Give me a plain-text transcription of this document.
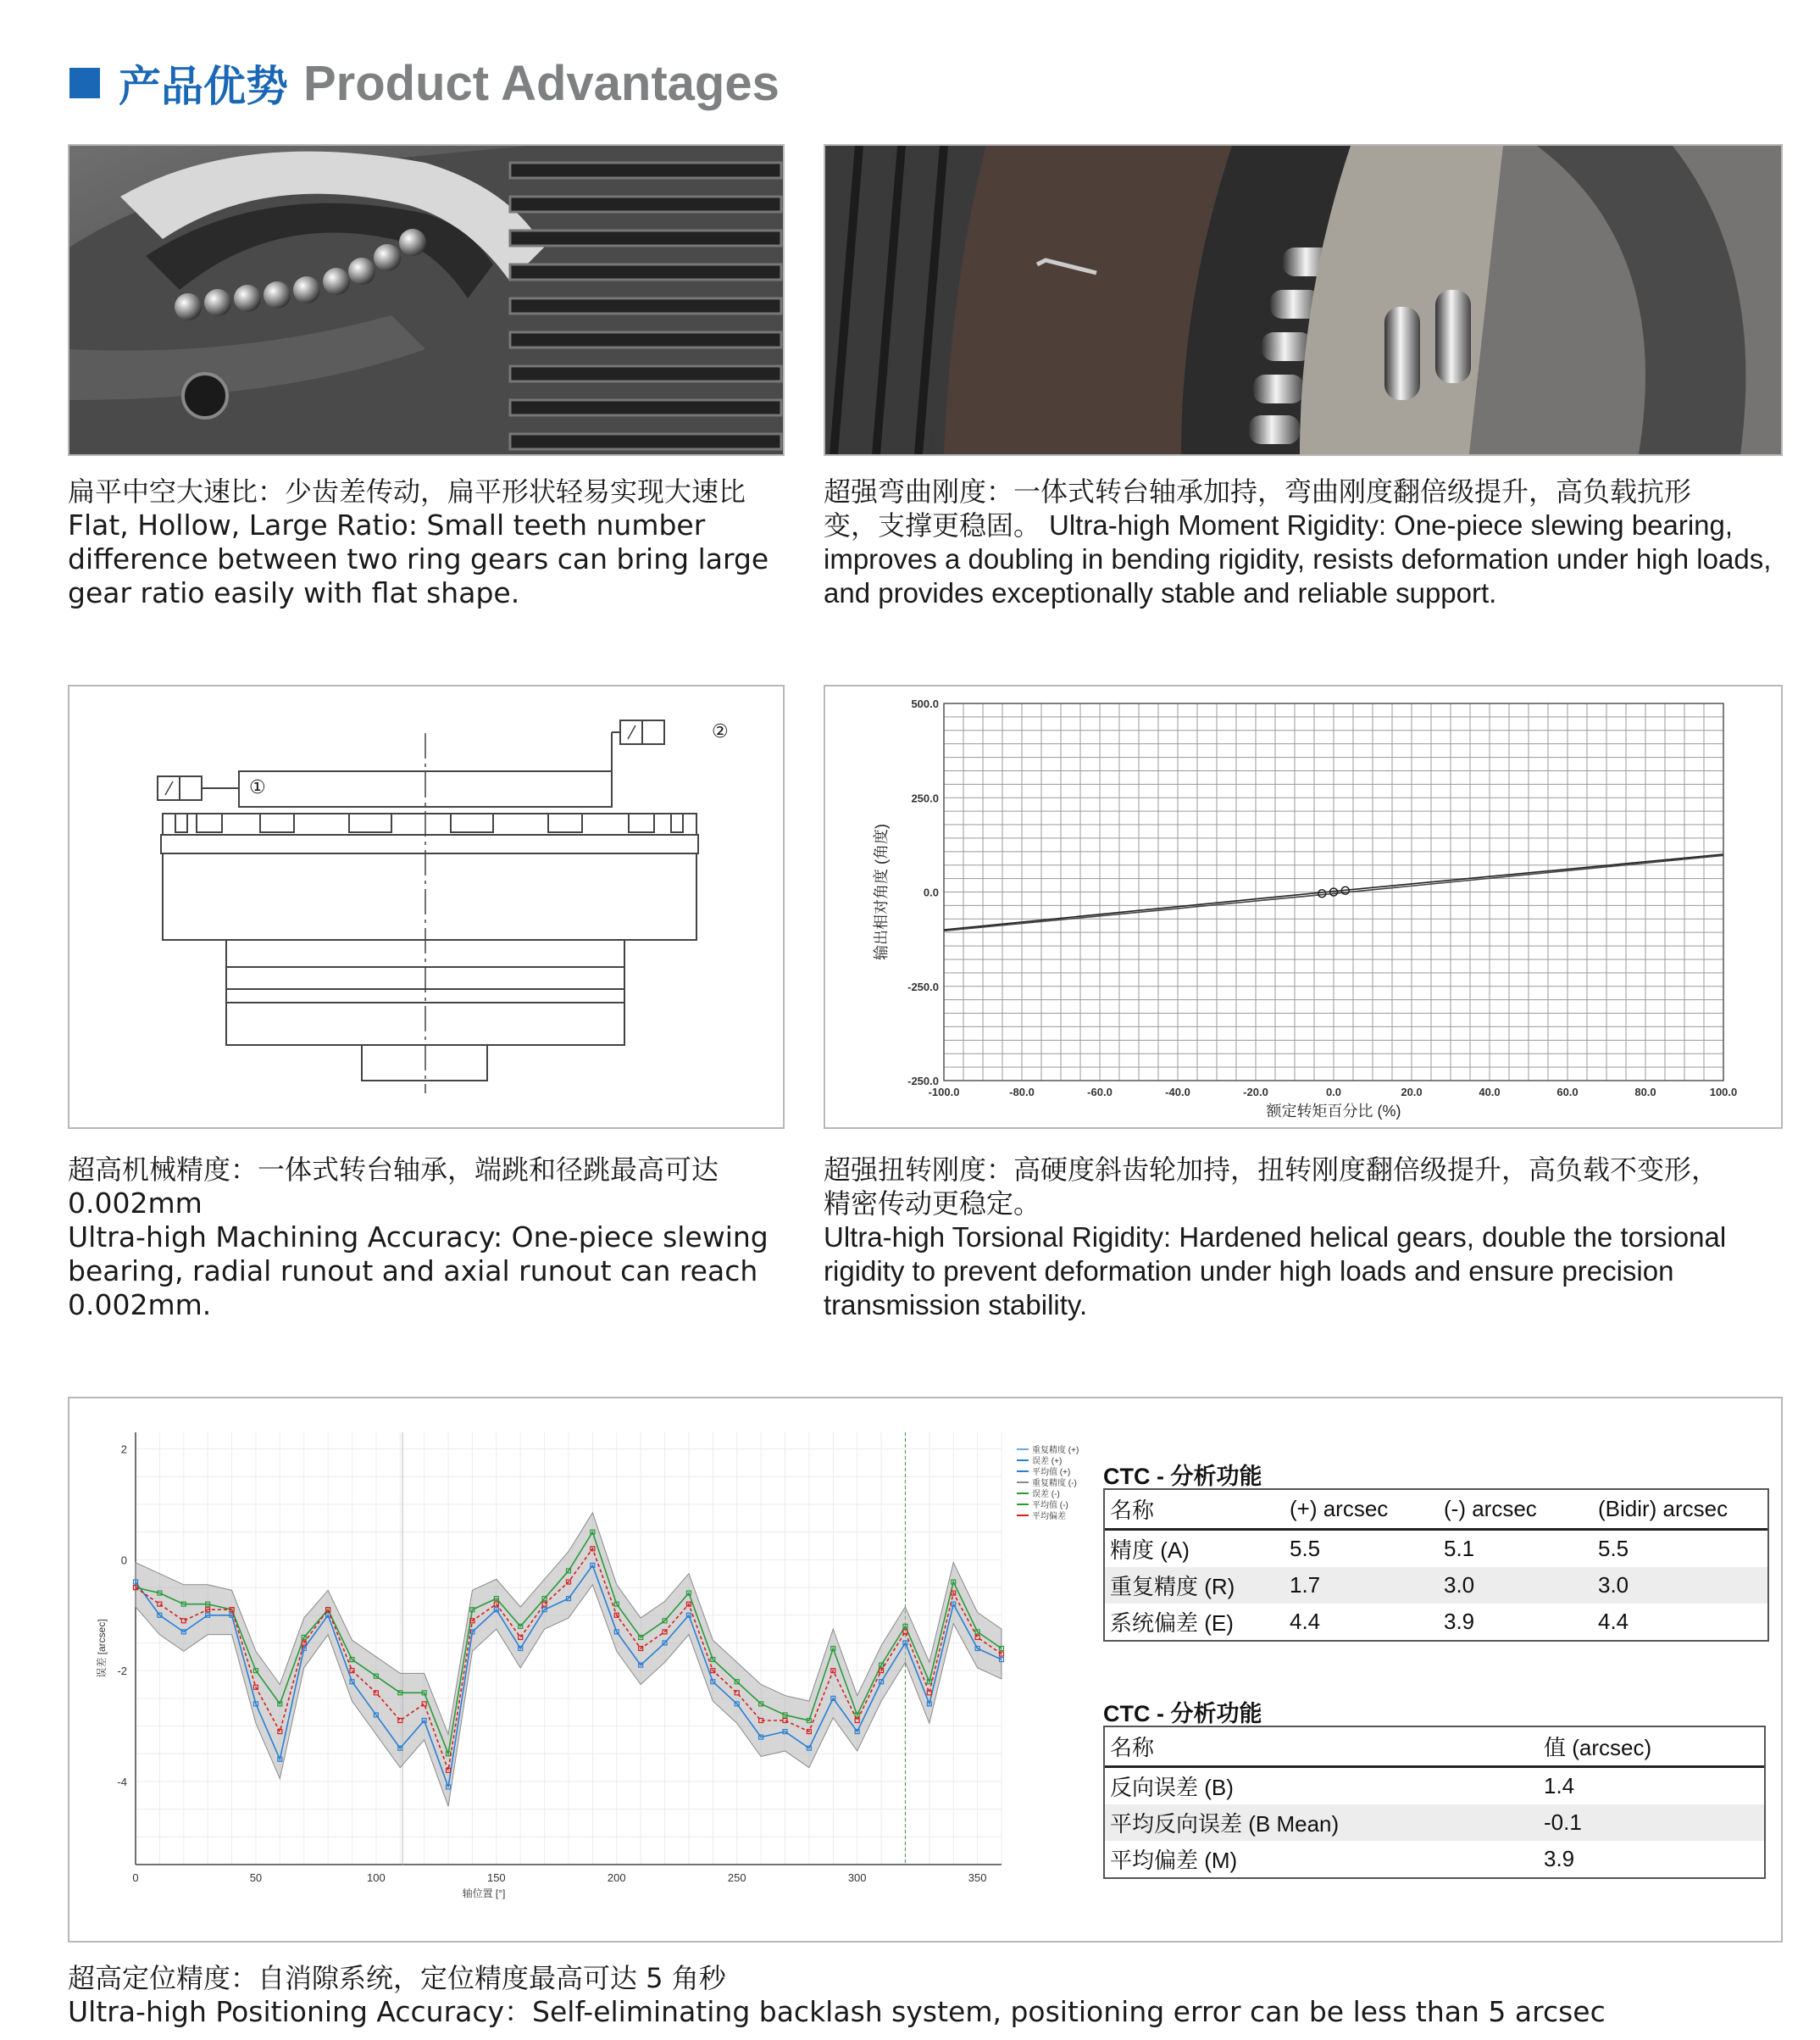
产品优势 Product Advantages
扁平中空大速比：少齿差传动，扁平形状轻易实现大速比
Flat, Hollow, Large Ratio: Small teeth number
difference between two ring gears can bring large
gear ratio easily with flat shape.
超强弯曲刚度：一体式转台轴承加持，弯曲刚度翻倍级提升，高负载抗形
变，支撑更稳固。 Ultra-high Moment Rigidity: One-piece slewing bearing,
improves a doubling in bending rigidity, resists deformation under high loads,
and provides exceptionally stable and reliable support.
①
②
超高机械精度：一体式转台轴承，端跳和径跳最高可达
0.002mm
Ultra-high Machining Accuracy: One-piece slewing
bearing, radial runout and axial runout can reach
0.002mm.
-100.0	-80.0	-60.0	-40.0	-20.0	0.0	20.0	40.0	60.0	80.0	100.0
500.0
250.0
0.0
-250.0
-250.0
额定转矩百分比 (%)
输出相对角度 (角度)
超强扭转刚度：高硬度斜齿轮加持，扭转刚度翻倍级提升，高负载不变形，
精密传动更稳定。
Ultra-high Torsional Rigidity: Hardened helical gears, double the torsional
rigidity to prevent deformation under high loads and ensure precision
transmission stability.
0	50	100	150	200	250	300	350
2
0
-2
-4
轴位置 [°]
误差 [arcsec]
重复精度 (+)
误差 (+)
平均值 (+)
重复精度 (-)
误差 (-)
平均值 (-)
平均偏差
CTC - 分析功能
名称	(+) arcsec	(-) arcsec	(Bidir) arcsec
精度 (A)	5.5	5.1	5.5
重复精度 (R)	1.7	3.0	3.0
系统偏差 (E)	4.4	3.9	4.4
CTC - 分析功能
名称	值 (arcsec)
反向误差 (B)	1.4
平均反向误差 (B Mean)	-0.1
平均偏差 (M)	3.9
超高定位精度：自消隙系统，定位精度最高可达 5 角秒
Ultra-high Positioning Accuracy：Self-eliminating backlash system, positioning error can be less than 5 arcsec
